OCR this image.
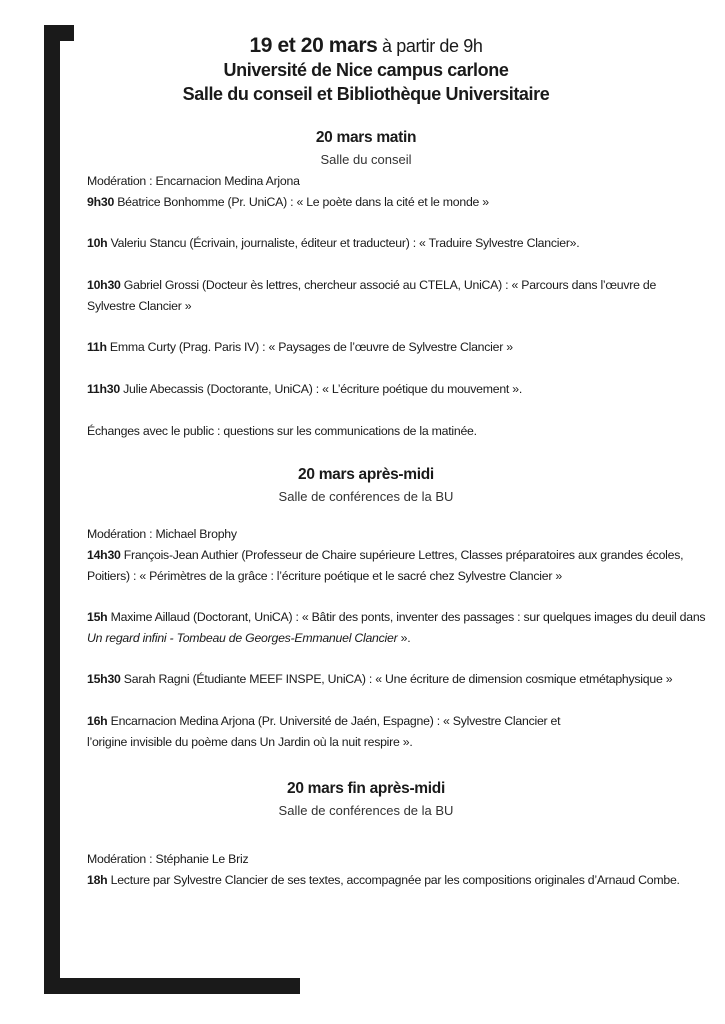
19 et 20 mars à partir de 9h
Université de Nice campus carlone
Salle du conseil et Bibliothèque Universitaire
20 mars matin
Salle du conseil
Modération : Encarnacion Medina Arjona
9h30 Béatrice Bonhomme (Pr. UniCA) : « Le poète dans la cité et le monde »
10h Valeriu Stancu (Écrivain, journaliste, éditeur et traducteur) : « Traduire Sylvestre Clancier».
10h30 Gabriel Grossi (Docteur ès lettres, chercheur associé au CTELA, UniCA) : « Parcours dans l’œuvre de Sylvestre Clancier »
11h Emma Curty (Prag. Paris IV) : « Paysages de l’œuvre de Sylvestre Clancier »
11h30 Julie Abecassis (Doctorante, UniCA) : « L’écriture poétique du mouvement ».
Échanges avec le public : questions sur les communications de la matinée.
20 mars après-midi
Salle de conférences de la BU
Modération : Michael Brophy
14h30 François-Jean Authier (Professeur de Chaire supérieure Lettres, Classes préparatoires aux grandes écoles, Poitiers) : « Périmètres de la grâce : l’écriture poétique et le sacré chez Sylvestre Clancier »
15h Maxime Aillaud (Doctorant, UniCA) : « Bâtir des ponts, inventer des passages : sur quelques images du deuil dans
Un regard infini - Tombeau de Georges-Emmanuel Clancier ».
15h30 Sarah Ragni (Étudiante MEEF INSPE, UniCA) : « Une écriture de dimension cosmique etmétaphysique »
16h Encarnacion Medina Arjona (Pr. Université de Jaén, Espagne) : « Sylvestre Clancier et
l’origine invisible du poème dans Un Jardin où la nuit respire ».
20 mars fin après-midi
Salle de conférences de la BU
Modération : Stéphanie Le Briz
18h Lecture par Sylvestre Clancier de ses textes, accompagnée par les compositions originales d’Arnaud Combe.
